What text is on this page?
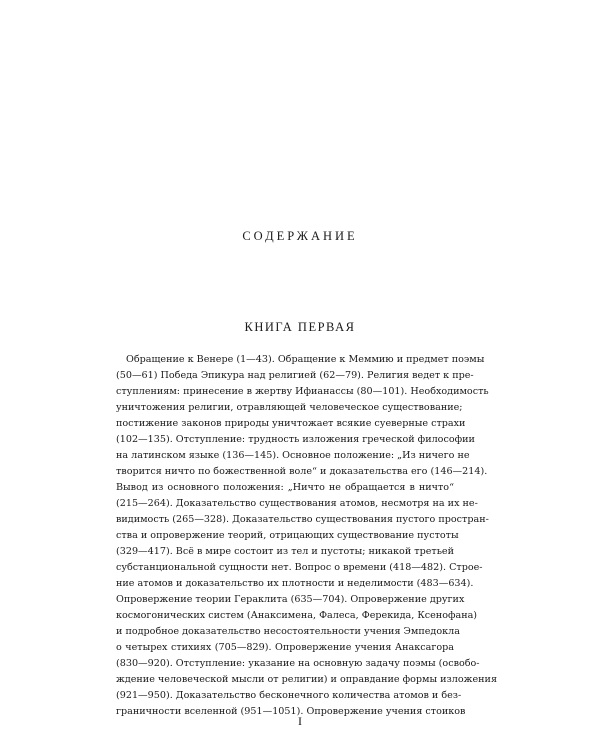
СОДЕРЖАНИЕ
КНИГА ПЕРВАЯ
Обращение к Венере (1—43). Обращение к Меммию и предмет поэмы
(50—61) Победа Эпикура над религией (62—79). Религия ведет к пре-
ступлениям: принесение в жертву Ифианассы (80—101). Необходимость
уничтожения религии, отравляющей человеческое существование;
постижение законов природы уничтожает всякие суеверные страхи
(102—135). Отступление: трудность изложения греческой философии
на латинском языке (136—145). Основное положение: „Из ничего не
творится ничто по божественной воле“ и доказательства его (146—214).
Вывод из основного положения: „Ничто не обращается в ничто“
(215—264). Доказательство существования атомов, несмотря на их не-
видимость (265—328). Доказательство существования пустого простран-
ства и опровержение теорий, отрицающих существование пустоты
(329—417). Всё в мире состоит из тел и пустоты; никакой третьей
субстанциональной сущности нет. Вопрос о времени (418—482). Строе-
ние атомов и доказательство их плотности и неделимости (483—634).
Опровержение теории Гераклита (635—704). Опровержение других
космогонических систем (Анаксимена, Фалеса, Ферекида, Ксенофана)
и подробное доказательство несостоятельности учения Эмпедокла
о четырех стихиях (705—829). Опровержение учения Анаксагора
(830—920). Отступление: указание на основную задачу поэмы (освобо-
ждение человеческой мысли от религии) и оправдание формы изложения
(921—950). Доказательство бесконечного количества атомов и без-
граничности вселенной (951—1051). Опровержение учения стоиков
I
